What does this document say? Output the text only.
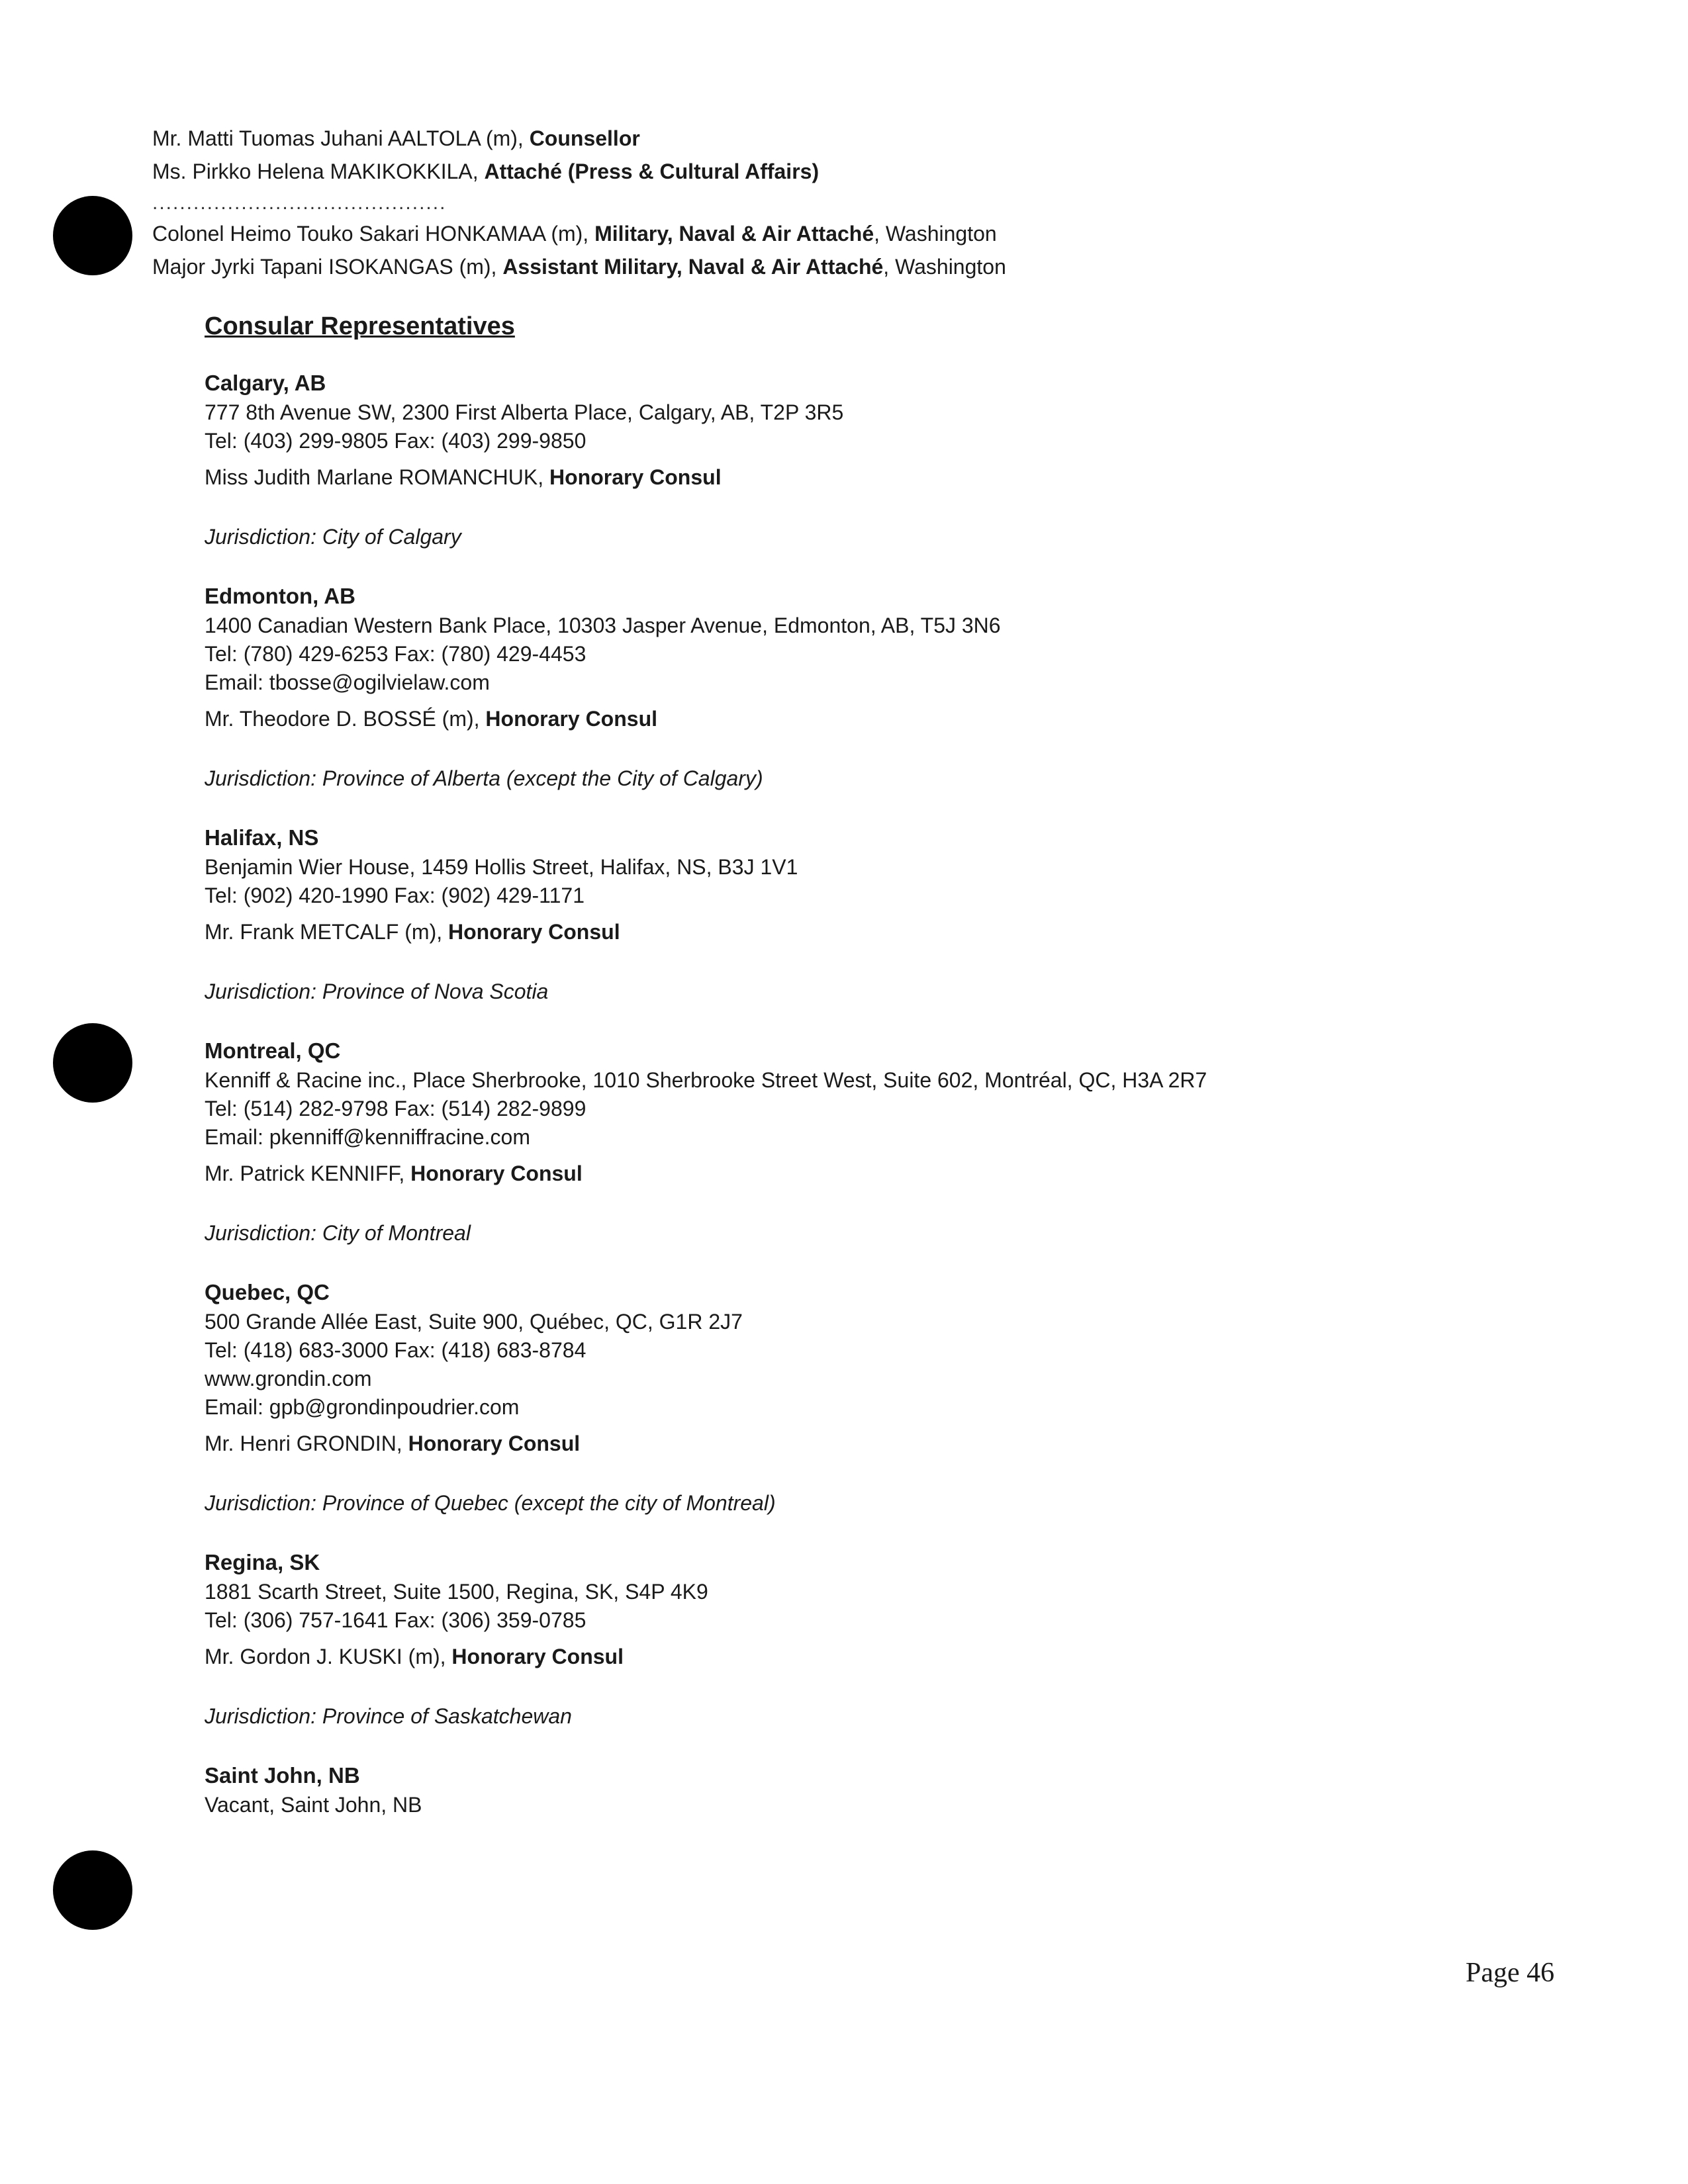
Mr. Matti Tuomas Juhani AALTOLA (m), Counsellor
Ms. Pirkko Helena MAKIKOKKILA, Attaché (Press & Cultural Affairs)
...........................................
Colonel Heimo Touko Sakari HONKAMAA (m), Military, Naval & Air Attaché, Washington
Major Jyrki Tapani ISOKANGAS (m), Assistant Military, Naval & Air Attaché, Washington
Consular Representatives
Calgary, AB
777 8th Avenue SW, 2300 First Alberta Place, Calgary, AB, T2P 3R5
Tel: (403) 299-9805 Fax: (403) 299-9850
Miss Judith Marlane ROMANCHUK, Honorary Consul
Jurisdiction: City of Calgary
Edmonton, AB
1400 Canadian Western Bank Place, 10303 Jasper Avenue, Edmonton, AB, T5J 3N6
Tel: (780) 429-6253 Fax: (780) 429-4453
Email: tbosse@ogilvielaw.com
Mr. Theodore D. BOSSÉ (m), Honorary Consul
Jurisdiction: Province of Alberta (except the City of Calgary)
Halifax, NS
Benjamin Wier House, 1459 Hollis Street, Halifax, NS, B3J 1V1
Tel: (902) 420-1990 Fax: (902) 429-1171
Mr. Frank METCALF (m), Honorary Consul
Jurisdiction: Province of Nova Scotia
Montreal, QC
Kenniff & Racine inc., Place Sherbrooke, 1010 Sherbrooke Street West, Suite 602, Montréal, QC, H3A 2R7
Tel: (514) 282-9798 Fax: (514) 282-9899
Email: pkenniff@kenniffracine.com
Mr. Patrick KENNIFF, Honorary Consul
Jurisdiction: City of Montreal
Quebec, QC
500 Grande Allée East, Suite 900, Québec, QC, G1R 2J7
Tel: (418) 683-3000 Fax: (418) 683-8784
www.grondin.com
Email: gpb@grondinpoudrier.com
Mr. Henri GRONDIN, Honorary Consul
Jurisdiction: Province of Quebec (except the city of Montreal)
Regina, SK
1881 Scarth Street, Suite 1500, Regina, SK, S4P 4K9
Tel: (306) 757-1641 Fax: (306) 359-0785
Mr. Gordon J. KUSKI (m), Honorary Consul
Jurisdiction: Province of Saskatchewan
Saint John, NB
Vacant, Saint John, NB
Page 46
